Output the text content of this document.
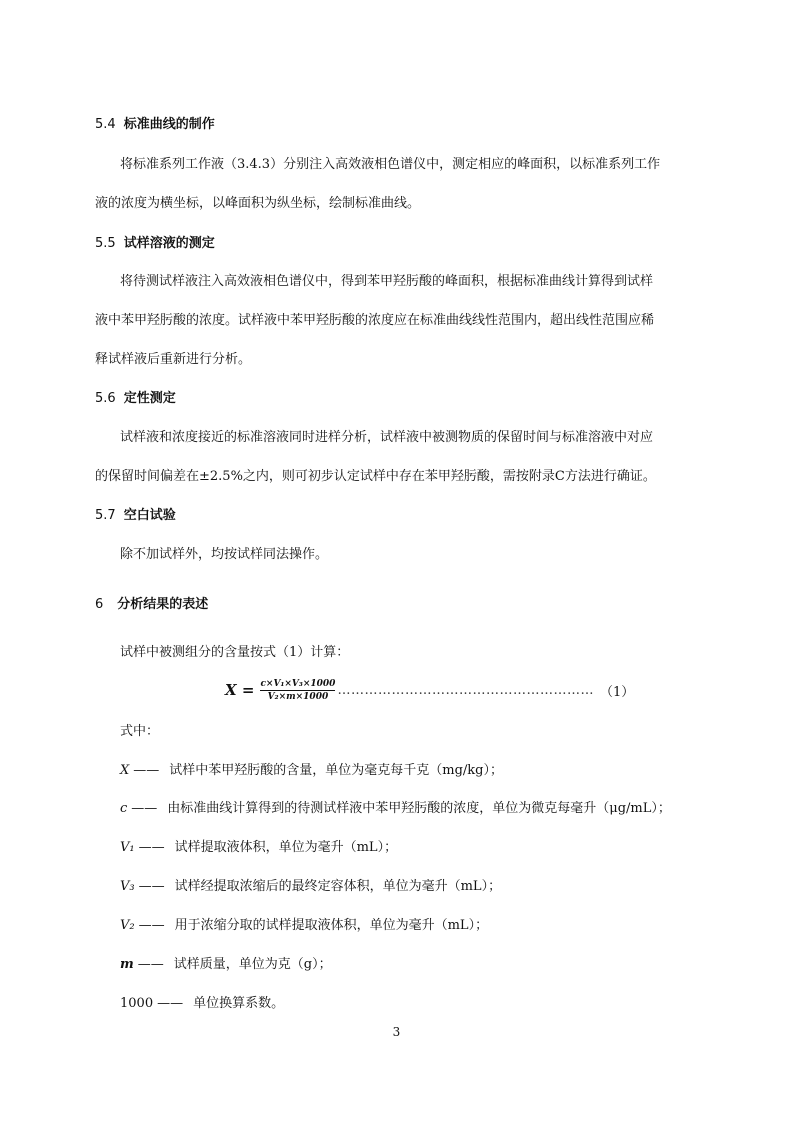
5.4 标准曲线的制作
将标准系列工作液（3.4.3）分别注入高效液相色谱仪中，测定相应的峰面积，以标准系列工作
液的浓度为横坐标，以峰面积为纵坐标，绘制标准曲线。
5.5 试样溶液的测定
将待测试样液注入高效液相色谱仪中，得到苯甲羟肟酸的峰面积，根据标准曲线计算得到试样
液中苯甲羟肟酸的浓度。试样液中苯甲羟肟酸的浓度应在标准曲线线性范围内，超出线性范围应稀
释试样液后重新进行分析。
5.6 定性测定
试样液和浓度接近的标准溶液同时进样分析，试样液中被测物质的保留时间与标准溶液中对应
的保留时间偏差在±2.5%之内，则可初步认定试样中存在苯甲羟肟酸，需按附录C方法进行确证。
5.7 空白试验
除不加试样外，均按试样同法操作。
6 分析结果的表述
试样中被测组分的含量按式（1）计算：
$X = \frac{\text{c×V₁×V₃×1000}}{\text{V₂×m×1000}}$ ………………………………………………… （1）
式中：
X —— 试样中苯甲羟肟酸的含量，单位为毫克每千克（mg/kg）；
c —— 由标准曲线计算得到的待测试样液中苯甲羟肟酸的浓度，单位为微克每毫升（μg/mL）；
V₁ —— 试样提取液体积，单位为毫升（mL）；
V₃ —— 试样经提取浓缩后的最终定容体积，单位为毫升（mL）；
V₂ —— 用于浓缩分取的试样提取液体积，单位为毫升（mL）；
m —— 试样质量，单位为克（g）；
1000 —— 单位换算系数。
3
